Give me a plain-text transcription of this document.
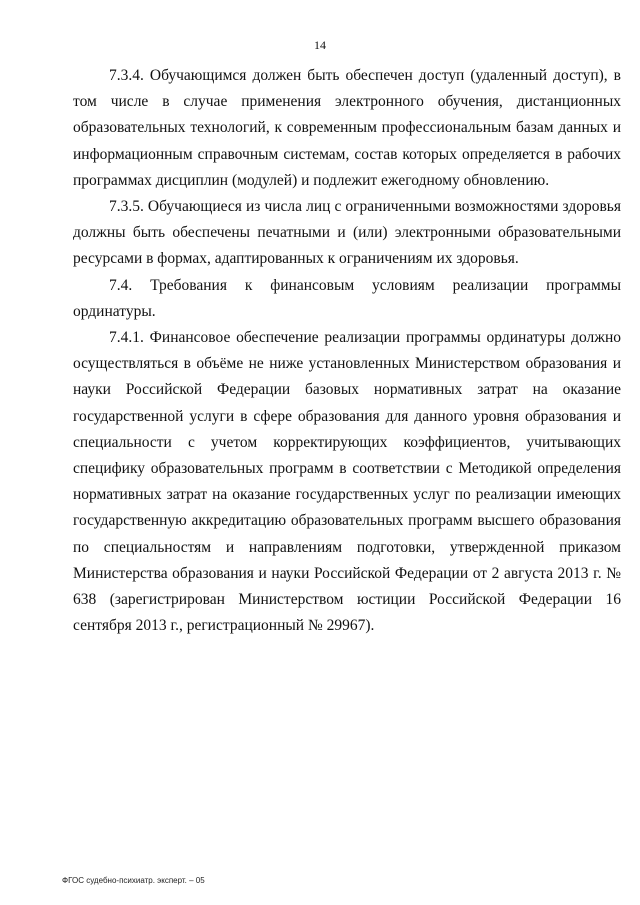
14

7.3.4. Обучающимся должен быть обеспечен доступ (удаленный доступ), в том числе в случае применения электронного обучения, дистанционных образовательных технологий, к современным профессиональным базам данных и информационным справочным системам, состав которых определяется в рабочих программах дисциплин (модулей) и подлежит ежегодному обновлению.

7.3.5. Обучающиеся из числа лиц с ограниченными возможностями здоровья должны быть обеспечены печатными и (или) электронными образовательными ресурсами в формах, адаптированных к ограничениям их здоровья.

7.4. Требования к финансовым условиям реализации программы ординатуры.

7.4.1. Финансовое обеспечение реализации программы ординатуры должно осуществляться в объёме не ниже установленных Министерством образования и науки Российской Федерации базовых нормативных затрат на оказание государственной услуги в сфере образования для данного уровня образования и специальности с учетом корректирующих коэффициентов, учитывающих специфику образовательных программ в соответствии с Методикой определения нормативных затрат на оказание государственных услуг по реализации имеющих государственную аккредитацию образовательных программ высшего образования по специальностям и направлениям подготовки, утвержденной приказом Министерства образования и науки Российской Федерации от 2 августа 2013 г. № 638 (зарегистрирован Министерством юстиции Российской Федерации 16 сентября 2013 г., регистрационный № 29967).

ФГОС судебно-психиатр. эксперт. – 05
